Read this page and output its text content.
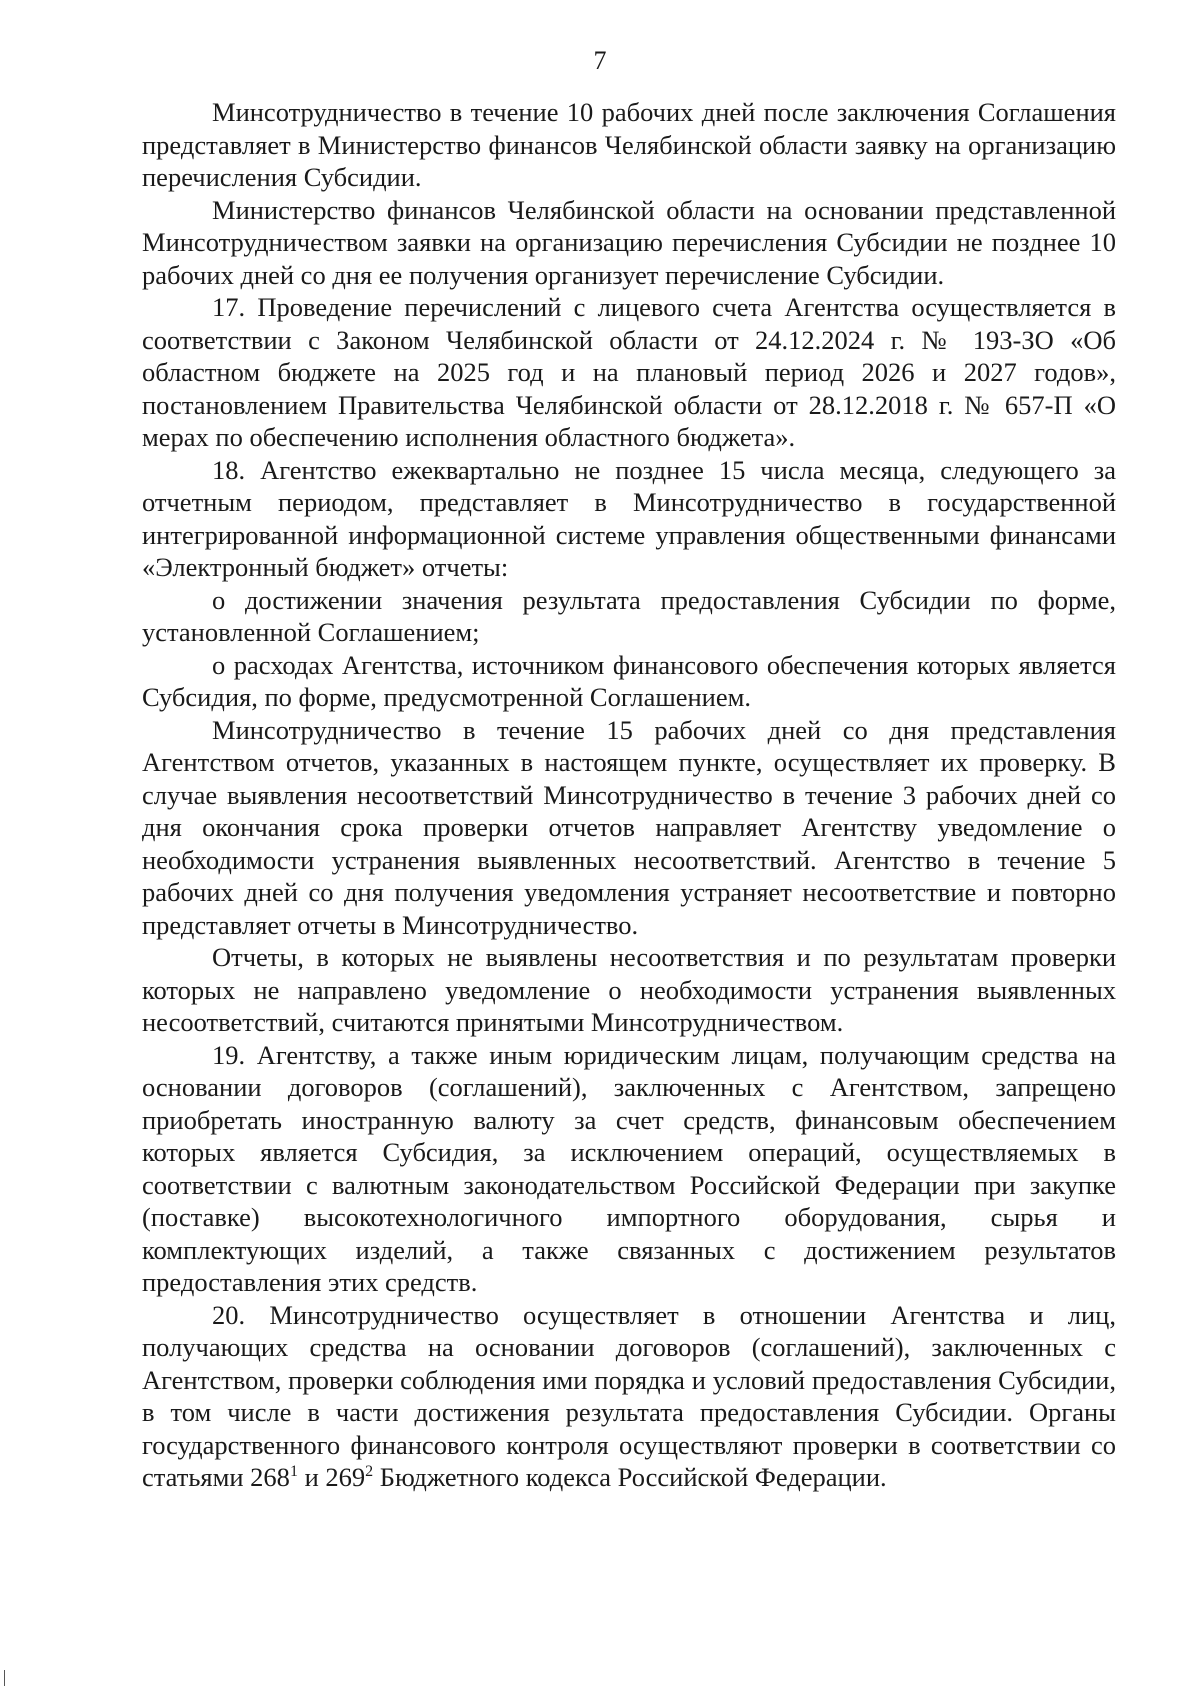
7

Минсотрудничество в течение 10 рабочих дней после заключения Соглашения представляет в Министерство финансов Челябинской области заявку на организацию перечисления Субсидии.

Министерство финансов Челябинской области на основании представленной Минсотрудничеством заявки на организацию перечисления Субсидии не позднее 10 рабочих дней со дня ее получения организует перечисление Субсидии.

17. Проведение перечислений с лицевого счета Агентства осуществляется в соответствии с Законом Челябинской области от 24.12.2024 г. № 193-ЗО «Об областном бюджете на 2025 год и на плановый период 2026 и 2027 годов», постановлением Правительства Челябинской области от 28.12.2018 г. № 657-П «О мерах по обеспечению исполнения областного бюджета».

18. Агентство ежеквартально не позднее 15 числа месяца, следующего за отчетным периодом, представляет в Минсотрудничество в государственной интегрированной информационной системе управления общественными финансами «Электронный бюджет» отчеты:

о достижении значения результата предоставления Субсидии по форме, установленной Соглашением;

о расходах Агентства, источником финансового обеспечения которых является Субсидия, по форме, предусмотренной Соглашением.

Минсотрудничество в течение 15 рабочих дней со дня представления Агентством отчетов, указанных в настоящем пункте, осуществляет их проверку. В случае выявления несоответствий Минсотрудничество в течение 3 рабочих дней со дня окончания срока проверки отчетов направляет Агентству уведомление о необходимости устранения выявленных несоответствий. Агентство в течение 5 рабочих дней со дня получения уведомления устраняет несоответствие и повторно представляет отчеты в Минсотрудничество.

Отчеты, в которых не выявлены несоответствия и по результатам проверки которых не направлено уведомление о необходимости устранения выявленных несоответствий, считаются принятыми Минсотрудничеством.

19. Агентству, а также иным юридическим лицам, получающим средства на основании договоров (соглашений), заключенных с Агентством, запрещено приобретать иностранную валюту за счет средств, финансовым обеспечением которых является Субсидия, за исключением операций, осуществляемых в соответствии с валютным законодательством Российской Федерации при закупке (поставке) высокотехнологичного импортного оборудования, сырья и комплектующих изделий, а также связанных с достижением результатов предоставления этих средств.

20. Минсотрудничество осуществляет в отношении Агентства и лиц, получающих средства на основании договоров (соглашений), заключенных с Агентством, проверки соблюдения ими порядка и условий предоставления Субсидии, в том числе в части достижения результата предоставления Субсидии. Органы государственного финансового контроля осуществляют проверки в соответствии со статьями $268^1$ и $269^2$ Бюджетного кодекса Российской Федерации.
